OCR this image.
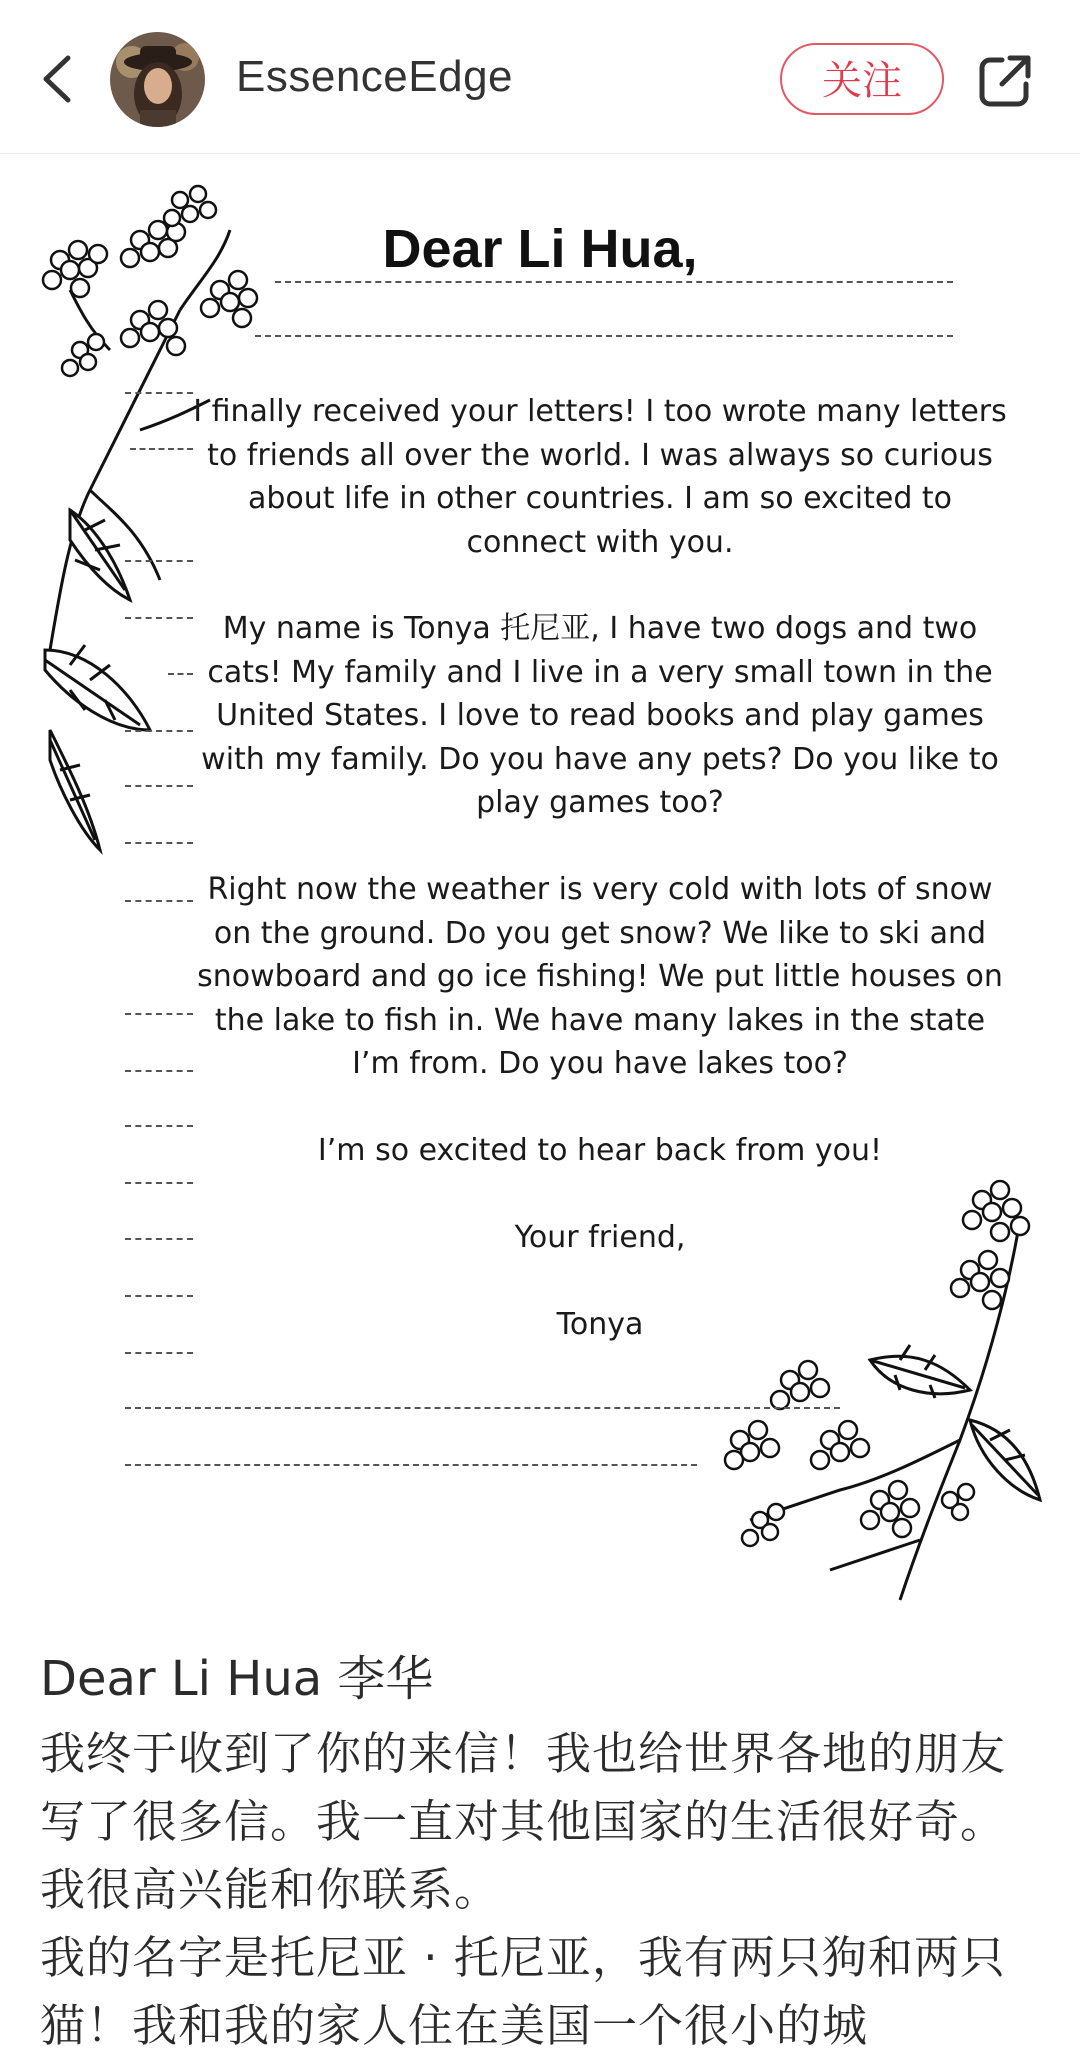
EssenceEdge	关注
Dear Li Hua,
I finally received your letters! I too wrote many letters to friends all over the world. I was always so curious about life in other countries. I am so excited to connect with you.
My name is Tonya 托尼亚, I have two dogs and two cats! My family and I live in a very small town in the United States. I love to read books and play games with my family. Do you have any pets? Do you like to play games too?
Right now the weather is very cold with lots of snow on the ground. Do you get snow? We like to ski and snowboard and go ice fishing! We put little houses on the lake to fish in. We have many lakes in the state I’m from. Do you have lakes too?
I’m so excited to hear back from you!
Your friend,
Tonya
Dear Li Hua 李华
我终于收到了你的来信！我也给世界各地的朋友写了很多信。我一直对其他国家的生活很好奇。我很高兴能和你联系。
我的名字是托尼亚 · 托尼亚，我有两只狗和两只猫！我和我的家人住在美国一个很小的城
